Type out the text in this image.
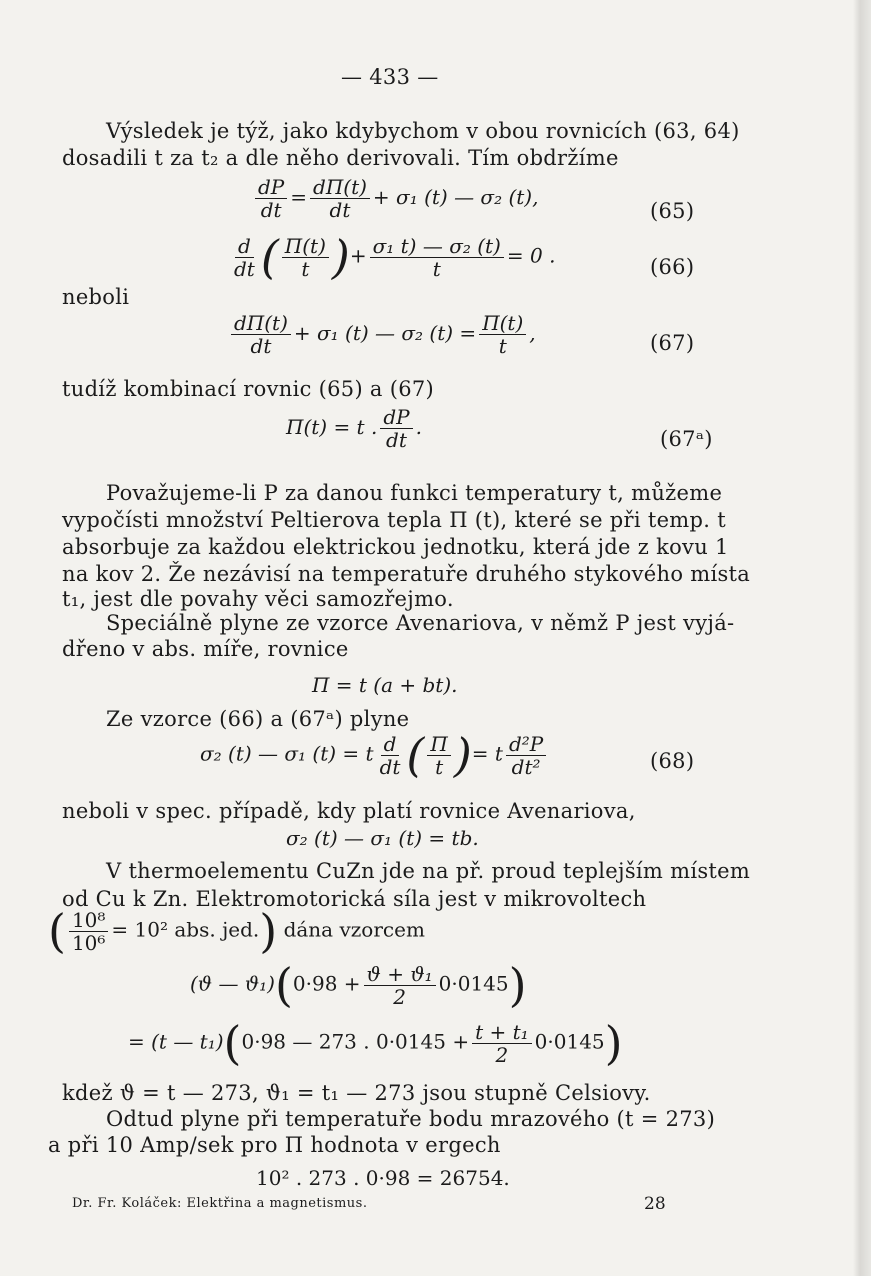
— 433 —
Výsledek je týž, jako kdybychom v obou rovnicích (63, 64)
dosadili t za t₂ a dle něho derivovali. Tím obdržíme
$\frac{dP}{dt} = \frac{d\Pi(t)}{dt} + \sigma_1$ (t) — σ₂ (t),
(65)
$\frac{d}{dt}$ ( $\frac{\Pi(t)}{t}$ )+ $\frac{\text{σ₁ t) — σ₂ (t)}}{t} = 0$ .	(66)
neboli
$\frac{d\Pi(t)}{dt} + \sigma_1$ (t) — σ₂ $(t) = \frac{\Pi(t)}{t}$ ,	(67)
tudíž kombinací rovnic (65) a (67)
Π(t) = t . $\frac{dP}{dt}$ .	(67ᵃ)
Považujeme-li P za danou funkci temperatury t, můžeme
vypočísti množství Peltierova tepla Π (t), které se při temp. t
absorbuje za každou elektrickou jednotku, která jde z kovu 1
na kov 2. Že nezávisí na temperatuře druhého stykového místa
t₁, jest dle povahy věci samozřejmo.
Speciálně plyne ze vzorce Avenariova, v němž P jest vyjá-
dřeno v abs. míře, rovnice
Π = t (a + bt).
Ze vzorce (66) a (67ᵃ) plyne
σ₂ (t) — σ₁ (t) = t $\frac{d}{dt}$ ( $\frac{\Pi}{t}$ )= t $\frac{\text{d²P}}{\text{dt²}}$	(68)
neboli v spec. případě, kdy platí rovnice Avenariova,
σ₂ (t) — σ₁ (t) = tb.
V thermoelementu CuZn jde na př. proud teplejším místem
od Cu k Zn. Elektromotorická síla jest v mikrovoltech
( $\frac{\text{10⁸}}{\text{10⁶}} = 10^2$ abs. jed.) dána vzorcem
(ϑ — $ϑ_1)(0\cdot 98 + \frac{\text{ϑ + ϑ₁}}{2} 0\cdot 0145)$
= (t — t₁)(0·98 — 273 . $0\cdot 0145 + \frac{\text{t + t₁}}{2} 0\cdot 0145$)
kdež ϑ = t — 273, ϑ₁ = t₁ — 273 jsou stupně Celsiovy.
Odtud plyne při temperatuře bodu mrazového (t = 273)
a při 10 Amp/sek pro Π hodnota v ergech
10² . 273 . 0·98 = 26754.
Dr. Fr. Koláček: Elektřina a magnetismus.	28
